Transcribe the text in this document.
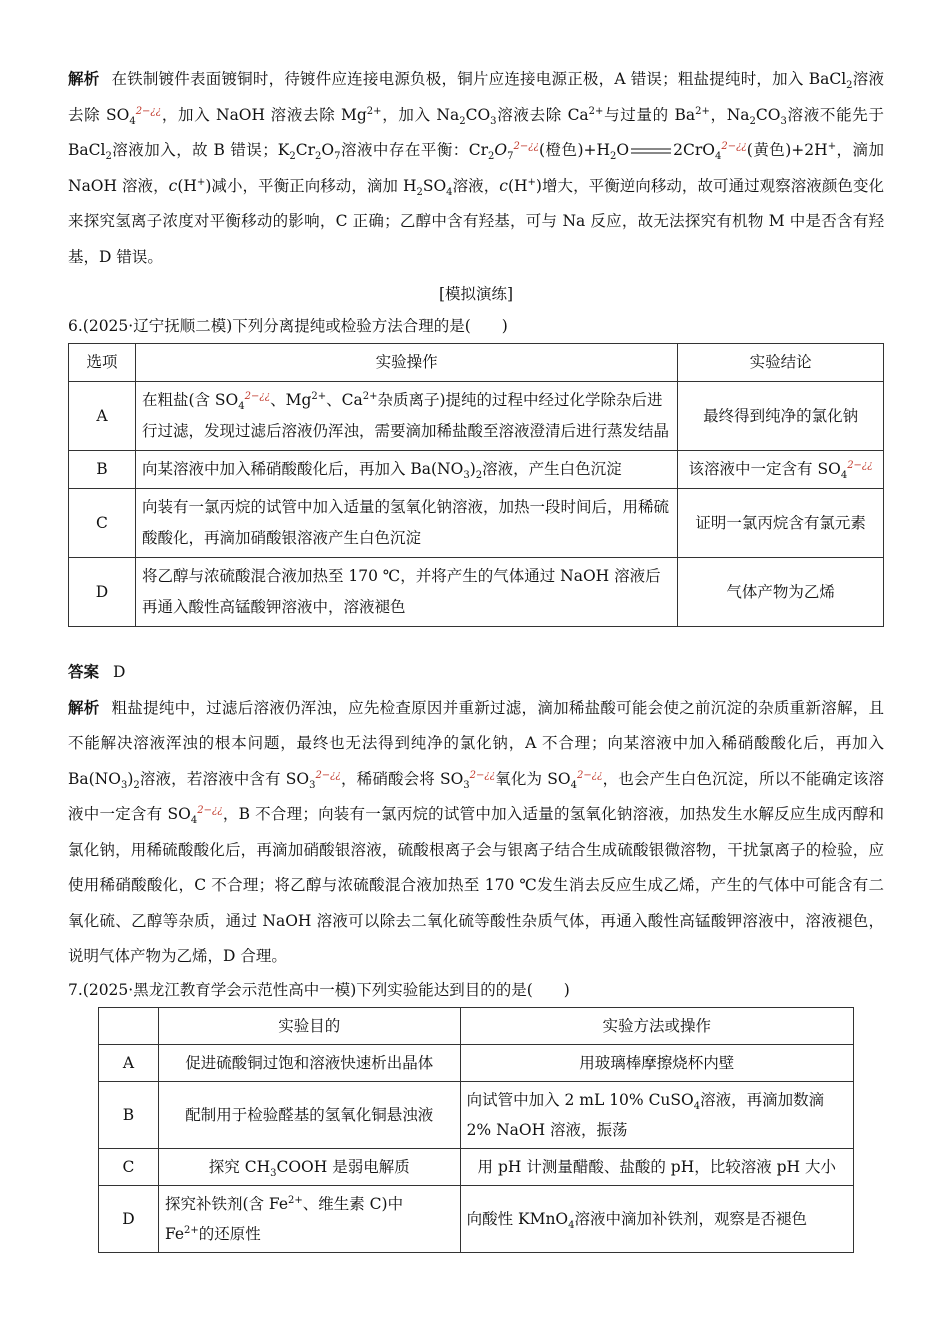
解析 在铁制镀件表面镀铜时，待镀件应连接电源负极，铜片应连接电源正极，A 错误；粗盐提纯时，加入 BaCl$_2$溶液去除 $SO_4^{2-¿¿}$，加入 NaOH 溶液去除 $Mg^{2+}$，加入 $Na_2CO_3$溶液去除 $Ca^{2+}$与过量的 $Ba^{2+}$，$Na_2CO_3$溶液不能先于 BaCl$_2$溶液加入，故 B 错误；$K_2Cr_2O_7$溶液中存在平衡：$Cr_2O_7^{2-¿¿}$(橙色)$+H_2O$	2CrO$_4^{2-¿¿}$(黄色)+2H+，滴加 NaOH 溶液，c(H+)减小，平衡正向移动，滴加 $H_2SO_4$溶液，c(H+)增大，平衡逆向移动，故可通过观察溶液颜色变化来探究氢离子浓度对平衡移动的影响，C 正确；乙醇中含有羟基，可与 Na 反应，故无法探究有机物 M 中是否含有羟基，D 错误。

[模拟演练]

6.(2025·辽宁抚顺二模)下列分离提纯或检验方法合理的是(　　)

选项	实验操作	实验结论
A	在粗盐(含 $SO_4^{2-¿¿}$、$Mg^{2+}$、$Ca^{2+}$杂质离子)提纯的过程中经过化学除杂后进行过滤，发现过滤后溶液仍浑浊，需要滴加稀盐酸至溶液澄清后进行蒸发结晶	最终得到纯净的氯化钠
B	向某溶液中加入稀硝酸酸化后，再加入 $Ba(NO_3)_2$溶液，产生白色沉淀	该溶液中一定含有 $SO_4^{2-¿¿}$
C	向装有一氯丙烷的试管中加入适量的氢氧化钠溶液，加热一段时间后，用稀硫酸酸化，再滴加硝酸银溶液产生白色沉淀	证明一氯丙烷含有氯元素
D	将乙醇与浓硫酸混合液加热至 170 ℃，并将产生的气体通过 NaOH 溶液后再通入酸性高锰酸钾溶液中，溶液褪色	气体产物为乙烯

答案 D

解析 粗盐提纯中，过滤后溶液仍浑浊，应先检查原因并重新过滤，滴加稀盐酸可能会使之前沉淀的杂质重新溶解，且不能解决溶液浑浊的根本问题，最终也无法得到纯净的氯化钠，A 不合理；向某溶液中加入稀硝酸酸化后，再加入 $Ba(NO_3)_2$溶液，若溶液中含有 $SO_3^{2-¿¿}$，稀硝酸会将 $SO_3^{2-¿¿}$氧化为 $SO_4^{2-¿¿}$，也会产生白色沉淀，所以不能确定该溶液中一定含有 $SO_4^{2-¿¿}$，B 不合理；向装有一氯丙烷的试管中加入适量的氢氧化钠溶液，加热发生水解反应生成丙醇和氯化钠，用稀硫酸酸化后，再滴加硝酸银溶液，硫酸根离子会与银离子结合生成硫酸银微溶物，干扰氯离子的检验，应使用稀硝酸酸化，C 不合理；将乙醇与浓硫酸混合液加热至 170 ℃发生消去反应生成乙烯，产生的气体中可能含有二氧化硫、乙醇等杂质，通过 NaOH 溶液可以除去二氧化硫等酸性杂质气体，再通入酸性高锰酸钾溶液中，溶液褪色，说明气体产物为乙烯，D 合理。

7.(2025·黑龙江教育学会示范性高中一模)下列实验能达到目的的是(　　)

	实验目的	实验方法或操作
A	促进硫酸铜过饱和溶液快速析出晶体	用玻璃棒摩擦烧杯内壁
B	配制用于检验醛基的氢氧化铜悬浊液	向试管中加入 2 mL 10% CuSO$_4$溶液，再滴加数滴 2% NaOH 溶液，振荡
C	探究 $CH_3COOH$ 是弱电解质	用 pH 计测量醋酸、盐酸的 pH，比较溶液 pH 大小
D	探究补铁剂(含 $Fe^{2+}$、维生素 C)中 $Fe^{2+}$的还原性	向酸性 KMnO$_4$溶液中滴加补铁剂，观察是否褪色
